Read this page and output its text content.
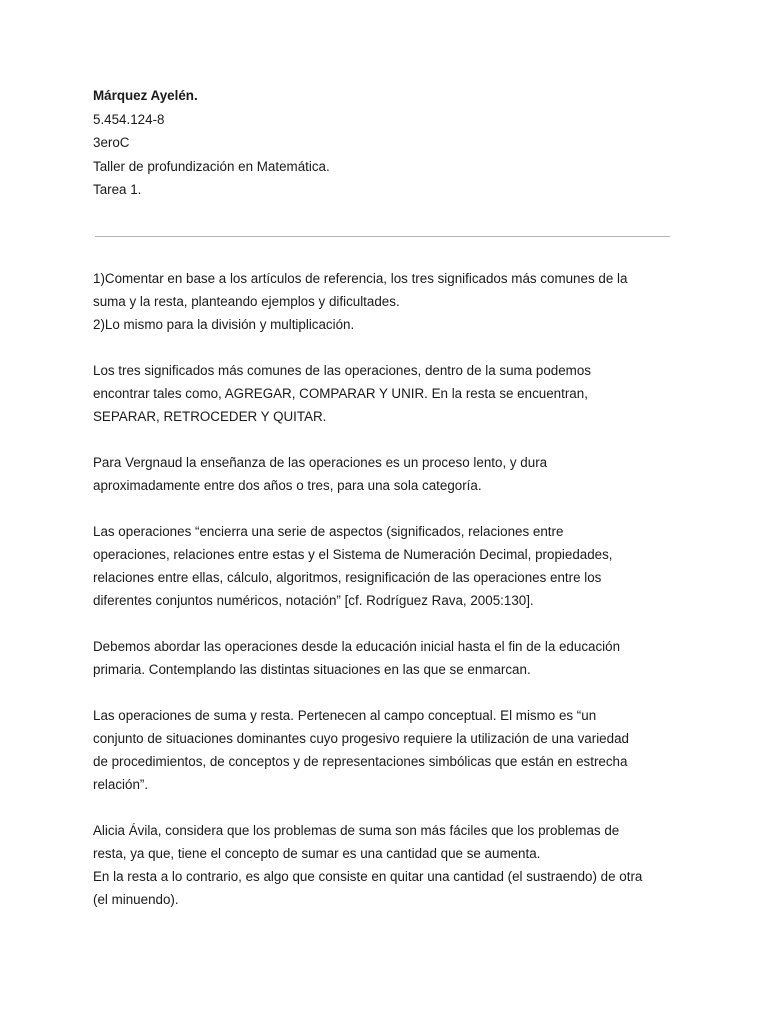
Márquez Ayelén.
5.454.124-8
3eroC
Taller de profundización en Matemática.
Tarea 1.
1)Comentar en base a los artículos de referencia, los tres significados más comunes de la
suma y la resta, planteando ejemplos y dificultades.
2)Lo mismo para la división y multiplicación.
Los tres significados más comunes de las operaciones, dentro de la suma podemos
encontrar tales como, AGREGAR, COMPARAR Y UNIR. En la resta se encuentran,
SEPARAR, RETROCEDER Y QUITAR.
Para Vergnaud la enseñanza de las operaciones es un proceso lento, y dura
aproximadamente entre dos años o tres, para una sola categoría.
Las operaciones “encierra una serie de aspectos (significados, relaciones entre
operaciones, relaciones entre estas y el Sistema de Numeración Decimal, propiedades,
relaciones entre ellas, cálculo, algoritmos, resignificación de las operaciones entre los
diferentes conjuntos numéricos, notación” [cf. Rodríguez Rava, 2005:130].
Debemos abordar las operaciones desde la educación inicial hasta el fin de la educación
primaria. Contemplando las distintas situaciones en las que se enmarcan.
Las operaciones de suma y resta. Pertenecen al campo conceptual. El mismo es “un
conjunto de situaciones dominantes cuyo progesivo requiere la utilización de una variedad
de procedimientos, de conceptos y de representaciones simbólicas que están en estrecha
relación”.
Alicia Ávila, considera que los problemas de suma son más fáciles que los problemas de
resta, ya que, tiene el concepto de sumar es una cantidad que se aumenta.
En la resta a lo contrario, es algo que consiste en quitar una cantidad (el sustraendo) de otra
(el minuendo).
